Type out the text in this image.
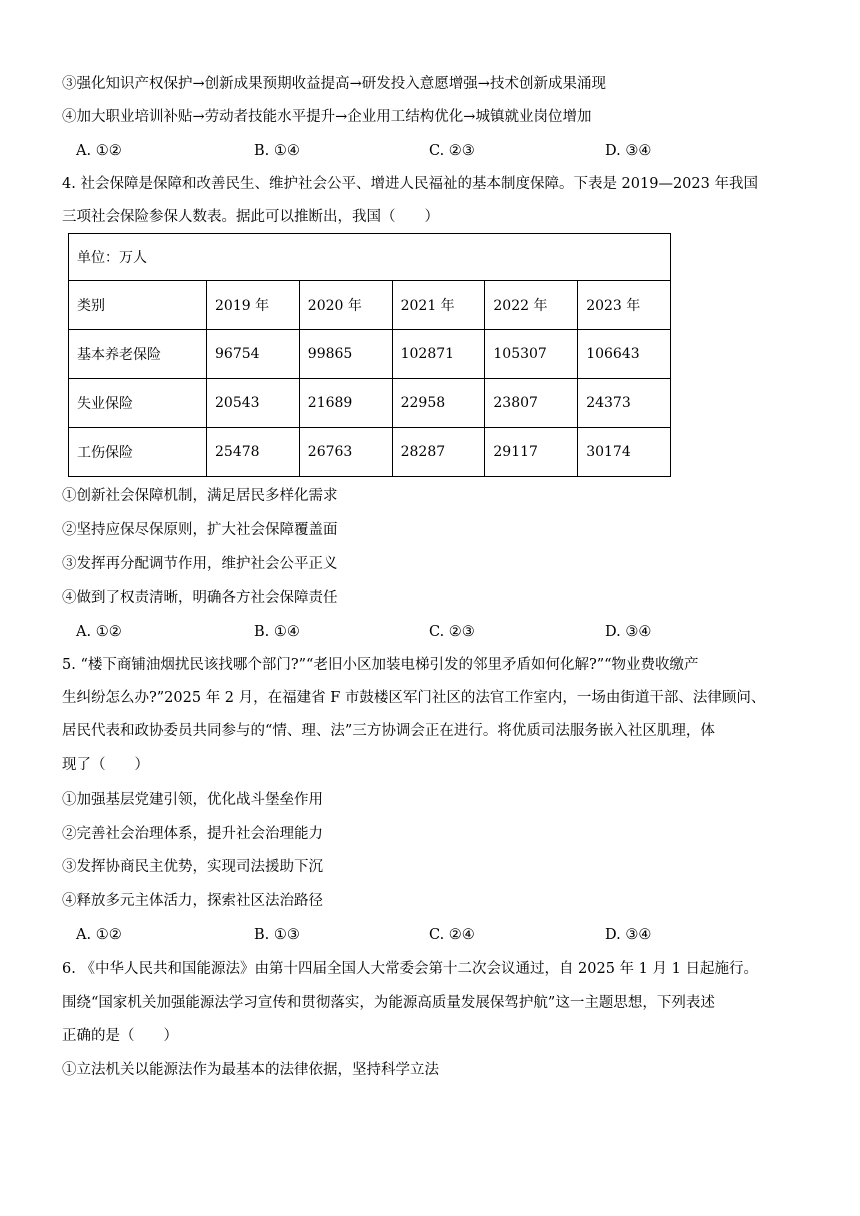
③强化知识产权保护→创新成果预期收益提高→研发投入意愿增强→技术创新成果涌现
④加大职业培训补贴→劳动者技能水平提升→企业用工结构优化→城镇就业岗位增加
A. ①②	B. ①④	C. ②③	D. ③④
4. 社会保障是保障和改善民生、维护社会公平、增进人民福祉的基本制度保障。下表是 2019—2023 年我国
三项社会保险参保人数表。据此可以推断出，我国（　　）
单位：万人					
类别	2019 年	2020 年	2021 年	2022 年	2023 年
基本养老保险	96754	99865	102871	105307	106643
失业保险	20543	21689	22958	23807	24373
工伤保险	25478	26763	28287	29117	30174
①创新社会保障机制，满足居民多样化需求
②坚持应保尽保原则，扩大社会保障覆盖面
③发挥再分配调节作用，维护社会公平正义
④做到了权责清晰，明确各方社会保障责任
A. ①②	B. ①④	C. ②③	D. ③④
5. “楼下商铺油烟扰民该找哪个部门?”“老旧小区加装电梯引发的邻里矛盾如何化解?”“物业费收缴产
生纠纷怎么办?”2025 年 2 月，在福建省 F 市鼓楼区军门社区的法官工作室内，一场由街道干部、法律顾问、
居民代表和政协委员共同参与的“情、理、法”三方协调会正在进行。将优质司法服务嵌入社区肌理，体
现了（　　）
①加强基层党建引领，优化战斗堡垒作用
②完善社会治理体系，提升社会治理能力
③发挥协商民主优势，实现司法援助下沉
④释放多元主体活力，探索社区法治路径
A. ①②	B. ①③	C. ②④	D. ③④
6. 《中华人民共和国能源法》由第十四届全国人大常委会第十二次会议通过，自 2025 年 1 月 1 日起施行。
围绕“国家机关加强能源法学习宣传和贯彻落实，为能源高质量发展保驾护航”这一主题思想，下列表述
正确的是（　　）
①立法机关以能源法作为最基本的法律依据，坚持科学立法
